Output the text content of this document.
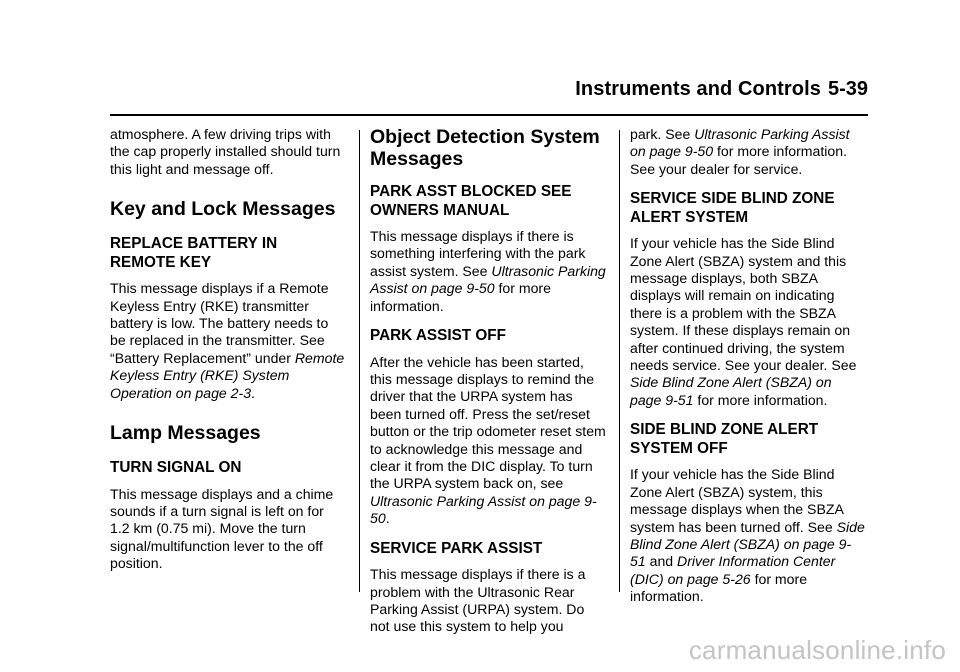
Instruments and Controls 5-39

atmosphere. A few driving trips with the cap properly installed should turn this light and message off.

Key and Lock Messages
REPLACE BATTERY IN REMOTE KEY

This message displays if a Remote Keyless Entry (RKE) transmitter battery is low. The battery needs to be replaced in the transmitter. See “Battery Replacement” under Remote Keyless Entry (RKE) System Operation on page 2-3.

Lamp Messages
TURN SIGNAL ON

This message displays and a chime sounds if a turn signal is left on for 1.2 km (0.75 mi). Move the turn signal/multifunction lever to the off position.

Object Detection System Messages
PARK ASST BLOCKED SEE OWNERS MANUAL

This message displays if there is something interfering with the park assist system. See Ultrasonic Parking Assist on page 9-50 for more information.

PARK ASSIST OFF

After the vehicle has been started, this message displays to remind the driver that the URPA system has been turned off. Press the set/reset button or the trip odometer reset stem to acknowledge this message and clear it from the DIC display. To turn the URPA system back on, see Ultrasonic Parking Assist on page 9-50.

SERVICE PARK ASSIST

This message displays if there is a problem with the Ultrasonic Rear Parking Assist (URPA) system. Do not use this system to help you

park. See Ultrasonic Parking Assist on page 9-50 for more information. See your dealer for service.

SERVICE SIDE BLIND ZONE ALERT SYSTEM

If your vehicle has the Side Blind Zone Alert (SBZA) system and this message displays, both SBZA displays will remain on indicating there is a problem with the SBZA system. If these displays remain on after continued driving, the system needs service. See your dealer. See Side Blind Zone Alert (SBZA) on page 9-51 for more information.

SIDE BLIND ZONE ALERT SYSTEM OFF

If your vehicle has the Side Blind Zone Alert (SBZA) system, this message displays when the SBZA system has been turned off. See Side Blind Zone Alert (SBZA) on page 9-51 and Driver Information Center (DIC) on page 5-26 for more information.

carmanualsonline.info
